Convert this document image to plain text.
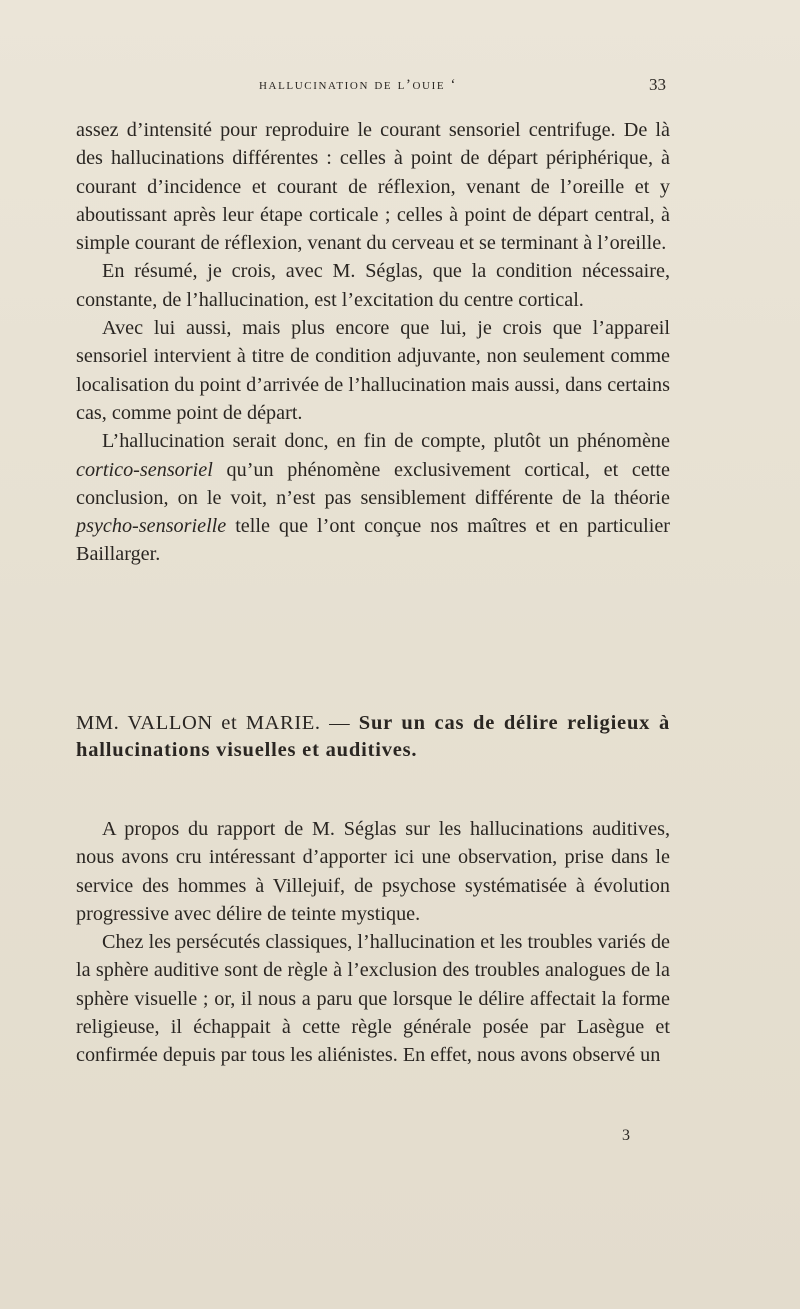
hallucination de l’ouie ‘	33

assez d’intensité pour reproduire le courant sensoriel centrifuge. De là des hallucinations différentes : celles à point de départ périphérique, à courant d’incidence et courant de réflexion, venant de l’oreille et y aboutissant après leur étape corticale ; celles à point de départ central, à simple courant de réflexion, venant du cerveau et se terminant à l’oreille.

En résumé, je crois, avec M. Séglas, que la condition nécessaire, constante, de l’hallucination, est l’excitation du centre cortical.

Avec lui aussi, mais plus encore que lui, je crois que l’appareil sensoriel intervient à titre de condition adjuvante, non seulement comme localisation du point d’arrivée de l’hallucination mais aussi, dans certains cas, comme point de départ.

L’hallucination serait donc, en fin de compte, plutôt un phénomène cortico-sensoriel qu’un phénomène exclusivement cortical, et cette conclusion, on le voit, n’est pas sensiblement différente de la théorie psycho-sensorielle telle que l’ont conçue nos maîtres et en particulier Baillarger.

MM. VALLON et MARIE. — Sur un cas de délire religieux à hallucinations visuelles et auditives.

A propos du rapport de M. Séglas sur les hallucinations auditives, nous avons cru intéressant d’apporter ici une observation, prise dans le service des hommes à Villejuif, de psychose systématisée à évolution progressive avec délire de teinte mystique.

Chez les persécutés classiques, l’hallucination et les troubles variés de la sphère auditive sont de règle à l’exclusion des troubles analogues de la sphère visuelle ; or, il nous a paru que lorsque le délire affectait la forme religieuse, il échappait à cette règle générale posée par Lasègue et confirmée depuis par tous les aliénistes. En effet, nous avons observé un

3
